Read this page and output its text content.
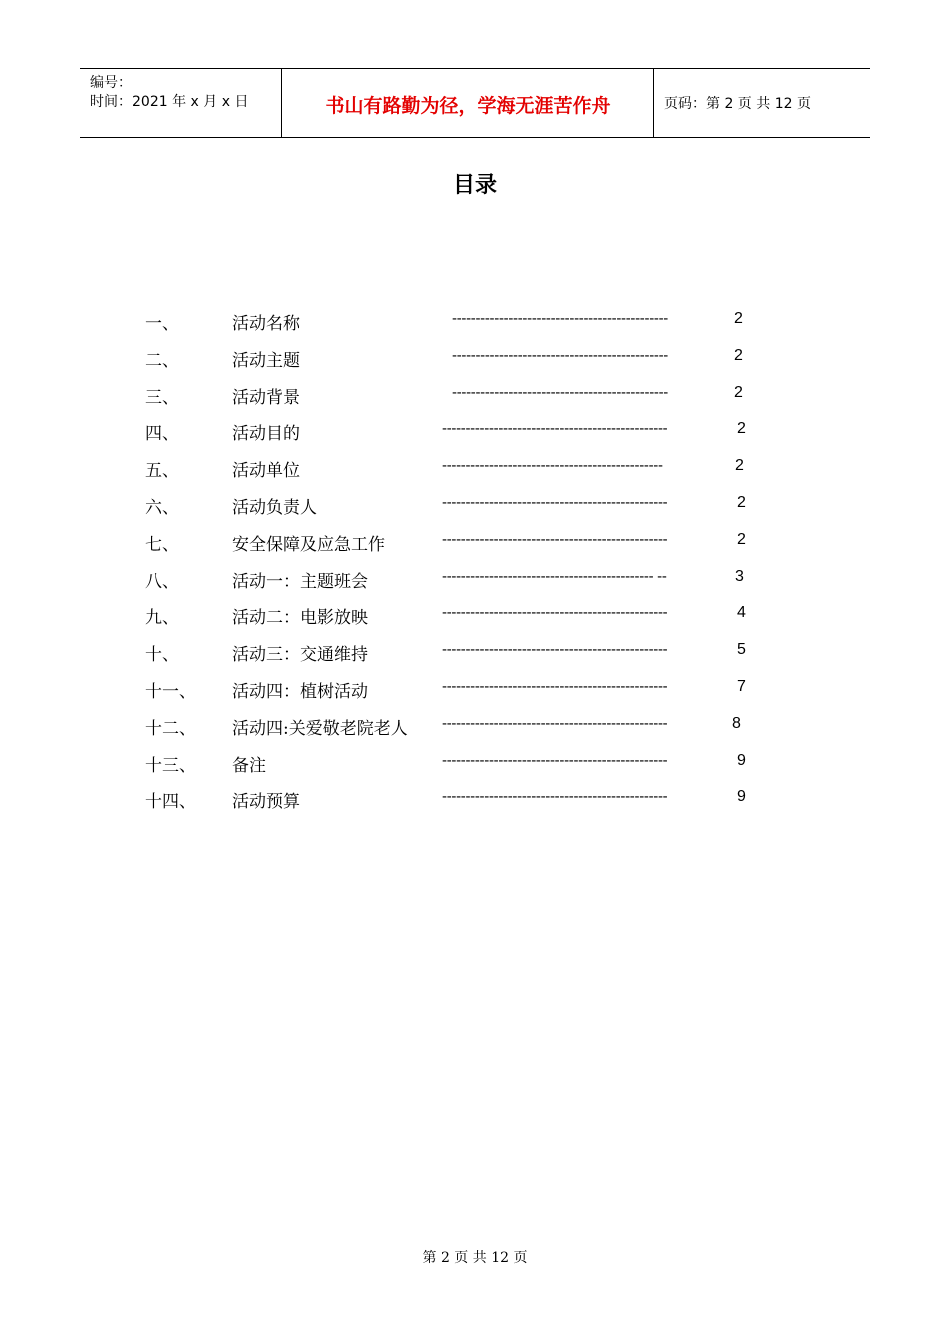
编号：
时间：2021 年 x 月 x 日	书山有路勤为径，学海无涯苦作舟	页码：第 2 页 共 12 页
目录
一、	活动名称	----------------------------------------------	2
二、	活动主题	----------------------------------------------	2
三、	活动背景	----------------------------------------------	2
四、	活动目的	------------------------------------------------	2
五、	活动单位	-----------------------------------------------	2
六、	活动负责人	------------------------------------------------	2
七、	安全保障及应急工作	------------------------------------------------	2
八、	活动一：主题班会	--------------------------------------------- --	3
九、	活动二：电影放映	------------------------------------------------	4
十、	活动三：交通维持	------------------------------------------------	5
十一、 活动四：植树活动	------------------------------------------------	7
十二、 活动四:关爱敬老院老人 ------------------------------------------------	8
十三、 备注	------------------------------------------------	9
十四、 活动预算	------------------------------------------------	9
第 2 页 共 12 页
